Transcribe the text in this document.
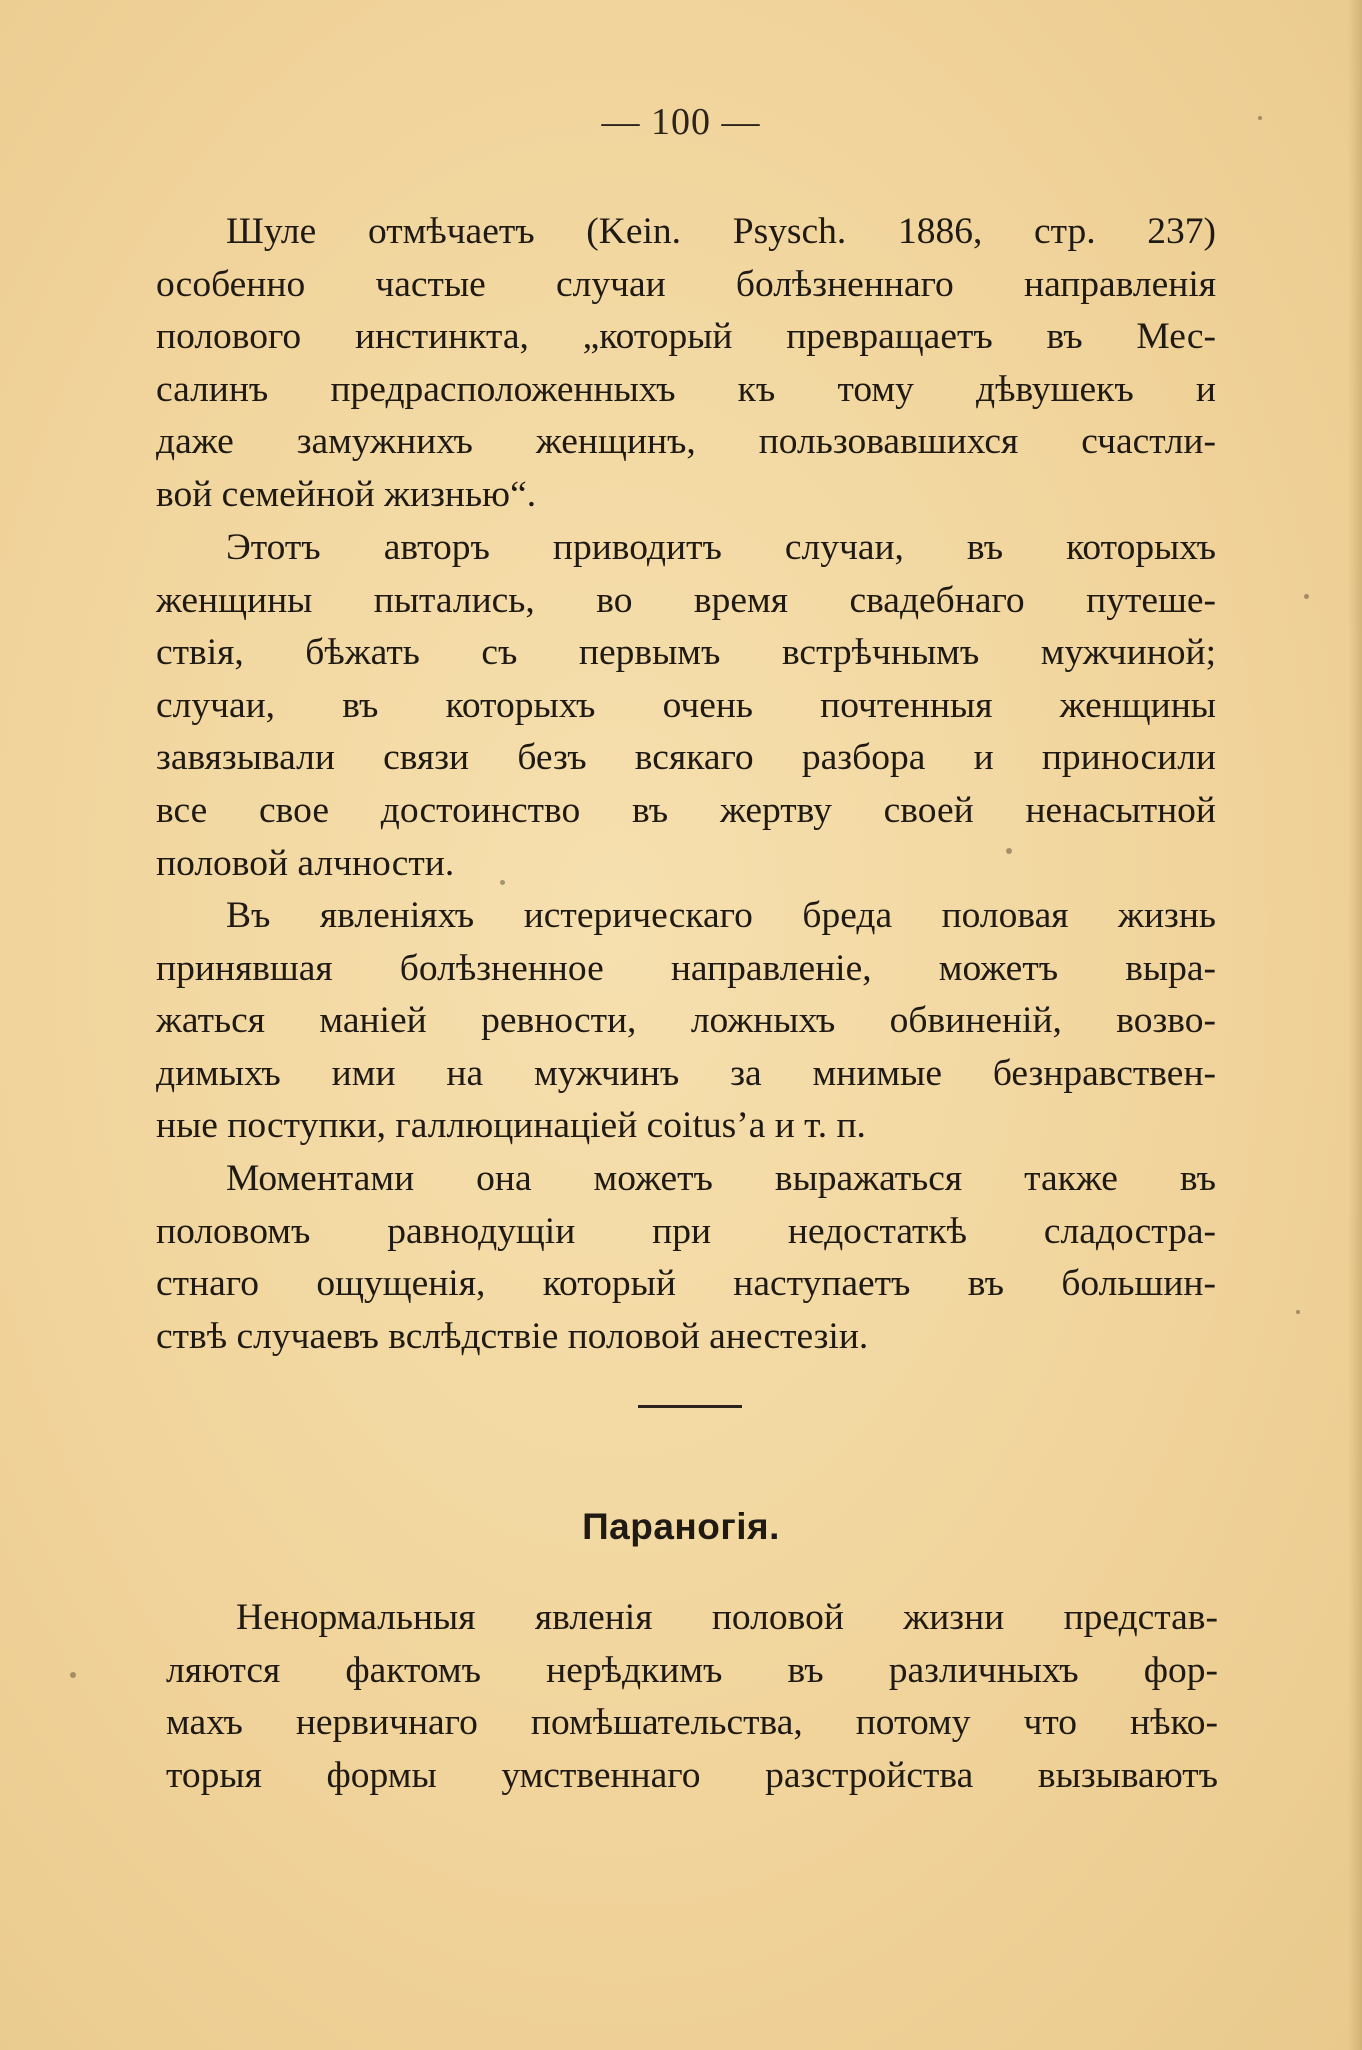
— 100 —
Шуле отмѣчаетъ (Kein. Psysch. 1886, стр. 237)
особенно частые случаи болѣзненнаго направленія
полового инстинкта, „который превращаетъ въ Мес-
салинъ предрасположенныхъ къ тому дѣвушекъ и
даже замужнихъ женщинъ, пользовавшихся счастли-
вой семейной жизнью“.
Этотъ авторъ приводитъ случаи, въ которыхъ
женщины пытались, во время свадебнаго путеше-
ствія, бѣжать съ первымъ встрѣчнымъ мужчиной;
случаи, въ которыхъ очень почтенныя женщины
завязывали связи безъ всякаго разбора и приносили
все свое достоинство въ жертву своей ненасытной
половой алчности.
Въ явленіяхъ истерическаго бреда половая жизнь
принявшая болѣзненное направленіе, можетъ выра-
жаться маніей ревности, ложныхъ обвиненій, возво-
димыхъ ими на мужчинъ за мнимые безнравствен-
ные поступки, галлюцинаціей coitus’a и т. п.
Моментами она можетъ выражаться также въ
половомъ равнодущіи при недостаткѣ сладостра-
стнаго ощущенія, который наступаетъ въ большин-
ствѣ случаевъ вслѣдствіе половой анестезіи.
Паранoгія.
Ненормальныя явленія половой жизни представ-
ляются фактомъ нерѣдкимъ въ различныхъ фор-
махъ нервичнаго помѣшательства, потому что нѣко-
торыя формы умственнаго разстройства вызываютъ
